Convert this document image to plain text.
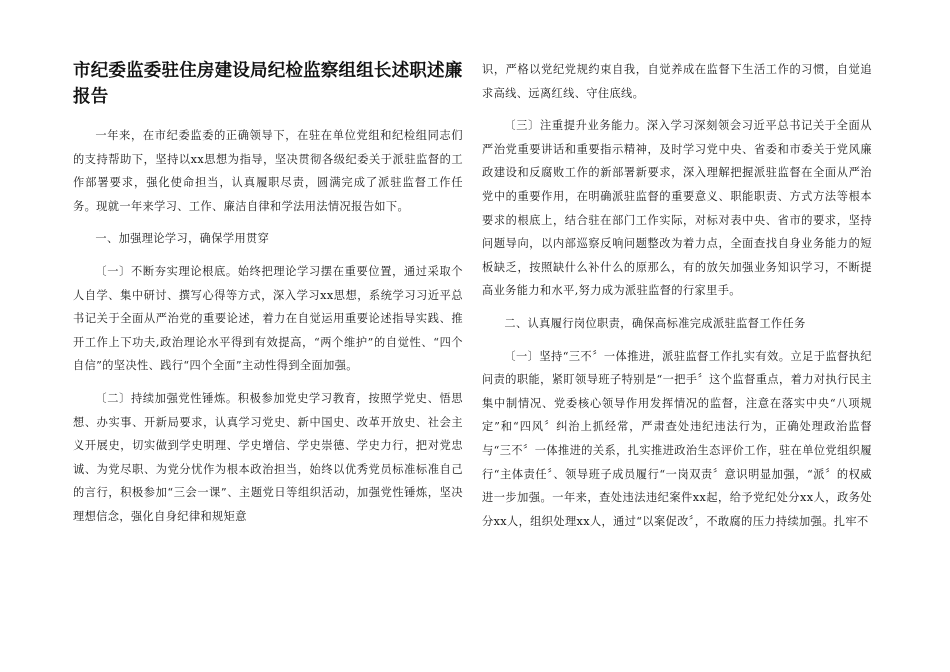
市纪委监委驻住房建设局纪检监察组组长述职述廉报告

一年来，在市纪委监委的正确领导下，在驻在单位党组和纪检组同志们的支持帮助下，坚持以xx思想为指导，坚决贯彻各级纪委关于派驻监督的工作部署要求，强化使命担当，认真履职尽责，圆满完成了派驻监督工作任务。现就一年来学习、工作、廉洁自律和学法用法情况报告如下。

一、加强理论学习，确保学用贯穿

〔一〕不断夯实理论根底。始终把理论学习摆在重要位置，通过采取个人自学、集中研讨、撰写心得等方式，深入学习xx思想，系统学习习近平总书记关于全面从严治党的重要论述，着力在自觉运用重要论述指导实践、推开工作上下功夫,政治理论水平得到有效提高，“两个维护”的自觉性、“四个自信”的坚决性、践行“四个全面”主动性得到全面加强。

〔二〕持续加强党性锤炼。积极参加党史学习教育，按照学党史、悟思想、办实事、开新局要求，认真学习党史、新中国史、改革开放史、社会主义开展史，切实做到学史明理、学史增信、学史崇德、学史力行，把对党忠诚、为党尽职、为党分忧作为根本政治担当，始终以优秀党员标准标准自己的言行，积极参加“三会一课”、主题党日等组织活动，加强党性锤炼，坚决理想信念，强化自身纪律和规矩意

识，严格以党纪党规约束自我，自觉养成在监督下生活工作的习惯，自觉追求高线、远离红线、守住底线。

〔三〕注重提升业务能力。深入学习深刻领会习近平总书记关于全面从严治党重要讲话和重要指示精神，及时学习党中央、省委和市委关于党风廉政建设和反腐败工作的新部署新要求，深入理解把握派驻监督在全面从严治党中的重要作用，在明确派驻监督的重要意义、职能职责、方式方法等根本要求的根底上，结合驻在部门工作实际，对标对表中央、省市的要求，坚持问题导向，以内部巡察反响问题整改为着力点，全面查找自身业务能力的短板缺乏，按照缺什么补什么的原那么，有的放矢加强业务知识学习，不断提高业务能力和水平,努力成为派驻监督的行家里手。

二、认真履行岗位职责，确保高标准完成派驻监督工作任务

〔一〕坚持“三不〞一体推进，派驻监督工作扎实有效。立足于监督执纪问责的职能，紧盯领导班子特别是“一把手〞这个监督重点，着力对执行民主集中制情况、党委核心领导作用发挥情况的监督，注意在落实中央“八项规定”和“四风〞纠治上抓经常，严肃查处违纪违法行为，正确处理政治监督与“三不〞一体推进的关系，扎实推进政治生态评价工作，驻在单位党组织履行“主体责任〞、领导班子成员履行“一岗双责〞意识明显加强，“派〞的权威进一步加强。一年来，查处违法违纪案件xx起，给予党纪处分xx人，政务处分xx人，组织处理xx人，通过“以案促改〞，不敢腐的压力持续加强。扎牢不
